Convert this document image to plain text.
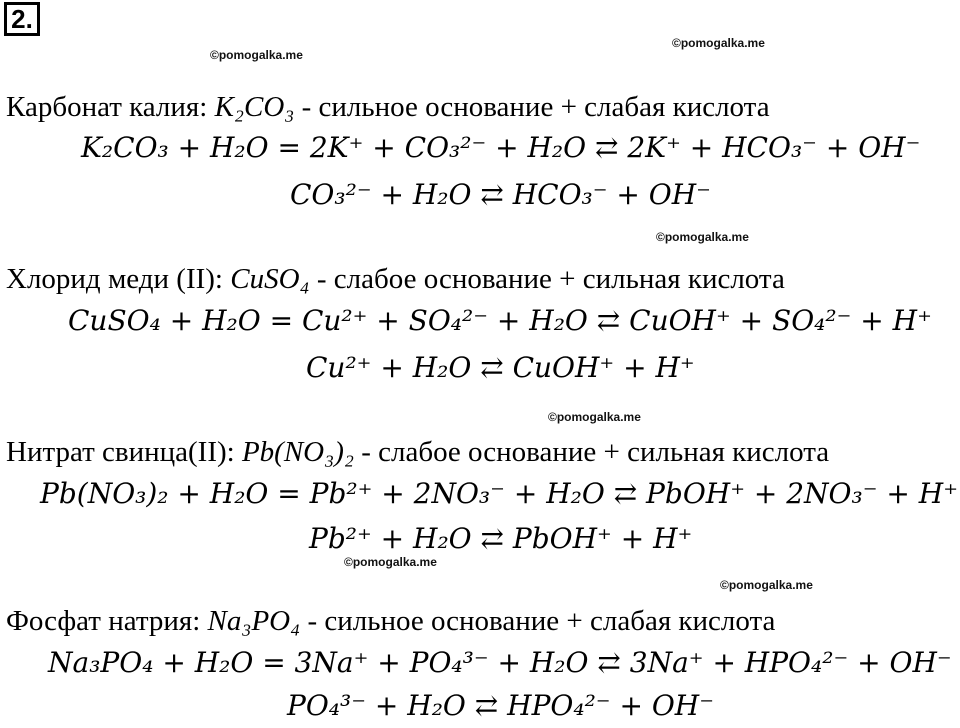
2.
©pomogalka.me
©pomogalka.me
Карбонат калия: K₂CO₃ - сильное основание + слабая кислота
K₂CO₃ + H₂O = 2K⁺ + CO₃²⁻ + H₂O ⇄ 2K⁺ + HCO₃⁻ + OH⁻
CO₃²⁻ + H₂O ⇄ HCO₃⁻ + OH⁻
©pomogalka.me
Хлорид меди (II): CuSO₄ - слабое основание + сильная кислота
CuSO₄ + H₂O = Cu²⁺ + SO₄²⁻ + H₂O ⇄ CuOH⁺ + SO₄²⁻ + H⁺
Cu²⁺ + H₂O ⇄ CuOH⁺ + H⁺
©pomogalka.me
Нитрат свинца(II): Pb(NO₃)₂ - слабое основание + сильная кислота
Pb(NO₃)₂ + H₂O = Pb²⁺ + 2NO₃⁻ + H₂O ⇄ PbOH⁺ + 2NO₃⁻ + H⁺
Pb²⁺ + H₂O ⇄ PbOH⁺ + H⁺
©pomogalka.me
©pomogalka.me
Фосфат натрия: Na₃PO₄ - сильное основание + слабая кислота
Na₃PO₄ + H₂O = 3Na⁺ + PO₄³⁻ + H₂O ⇄ 3Na⁺ + HPO₄²⁻ + OH⁻
PO₄³⁻ + H₂O ⇄ HPO₄²⁻ + OH⁻
